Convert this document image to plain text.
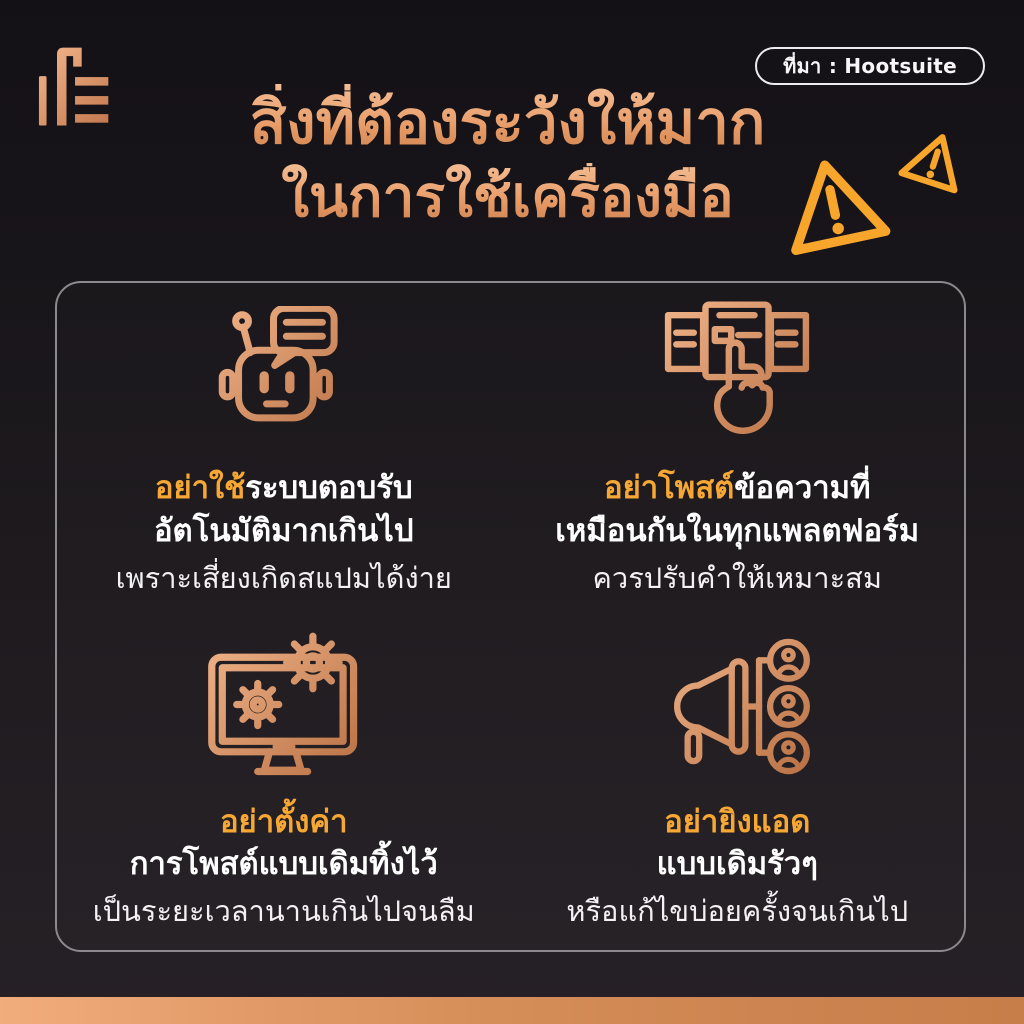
ที่มา : Hootsuite
สิ่งที่ต้องระวังให้มาก
ในการใช้เครื่องมือ
อย่าใช้ระบบตอบรับ
อัตโนมัติมากเกินไป

เพราะเสี่ยงเกิดสแปมได้ง่าย

อย่าโพสต์ข้อความที่
เหมือนกันในทุกแพลตฟอร์ม

ควรปรับคำให้เหมาะสม

อย่าตั้งค่า
การโพสต์แบบเดิมทิ้งไว้

เป็นระยะเวลานานเกินไปจนลืม

อย่ายิงแอด
แบบเดิมรัวๆ

หรือแก้ไขบ่อยครั้งจนเกินไป
